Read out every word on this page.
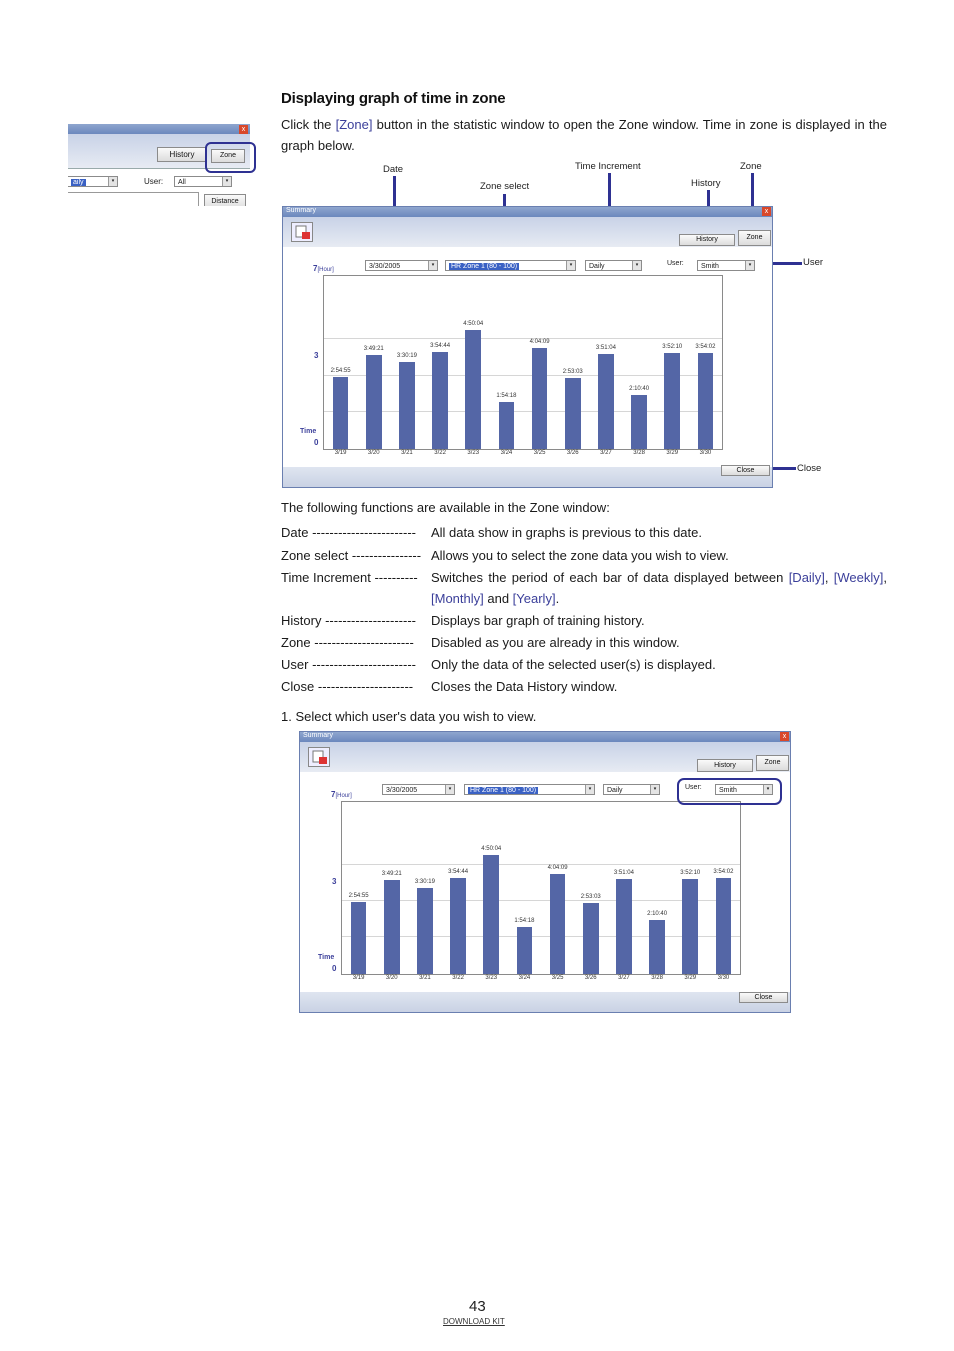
Displaying graph of time in zone
Click the [Zone] button in the statistic window to open the Zone window. Time in zone is displayed in the graph below.
x
History	Zone
aily	▾	User:	All	▾
Distance
Date
Zone select
Time Increment
History
Zone
User
Close
Summary	x
History	Zone
3/30/2005	▾	HR Zone 1 (80 - 100)	▾	Daily	▾	User:	Smith	▾
7[Hour]
3
Time
0
2:54:55
3/19
3:49:21
3/20
3:30:19
3/21
3:54:44
3/22
4:50:04
3/23
1:54:18
3/24
4:04:09
3/25
2:53:03
3/26
3:51:04
3/27
2:10:40
3/28
3:52:10
3/29
3:54:02
3/30
Close
The following functions are available in the Zone window:
Date ------------------------	All data show in graphs is previous to this date.
Zone select ---------------- Allows you to select the zone data you wish to view.
Time Increment ----------	Switches the period of each bar of data displayed between [Daily], [Weekly], [Monthly] and [Yearly].
History ---------------------	Displays bar graph of training history.
Zone -----------------------	Disabled as you are already in this window.
User ------------------------	Only the data of the selected user(s) is displayed.
Close ----------------------	Closes the Data History window.
1. Select which user's data you wish to view.
Summary	x
History	Zone
3/30/2005	▾	HR Zone 1 (80 - 100)	▾	Daily	▾	User:	Smith	▾
7[Hour]
3
Time
0
2:54:55
3/19
3:49:21
3/20
3:30:19
3/21
3:54:44
3/22
4:50:04
3/23
1:54:18
3/24
4:04:09
3/25
2:53:03
3/26
3:51:04
3/27
2:10:40
3/28
3:52:10
3/29
3:54:02
3/30
Close
43
DOWNLOAD KIT
